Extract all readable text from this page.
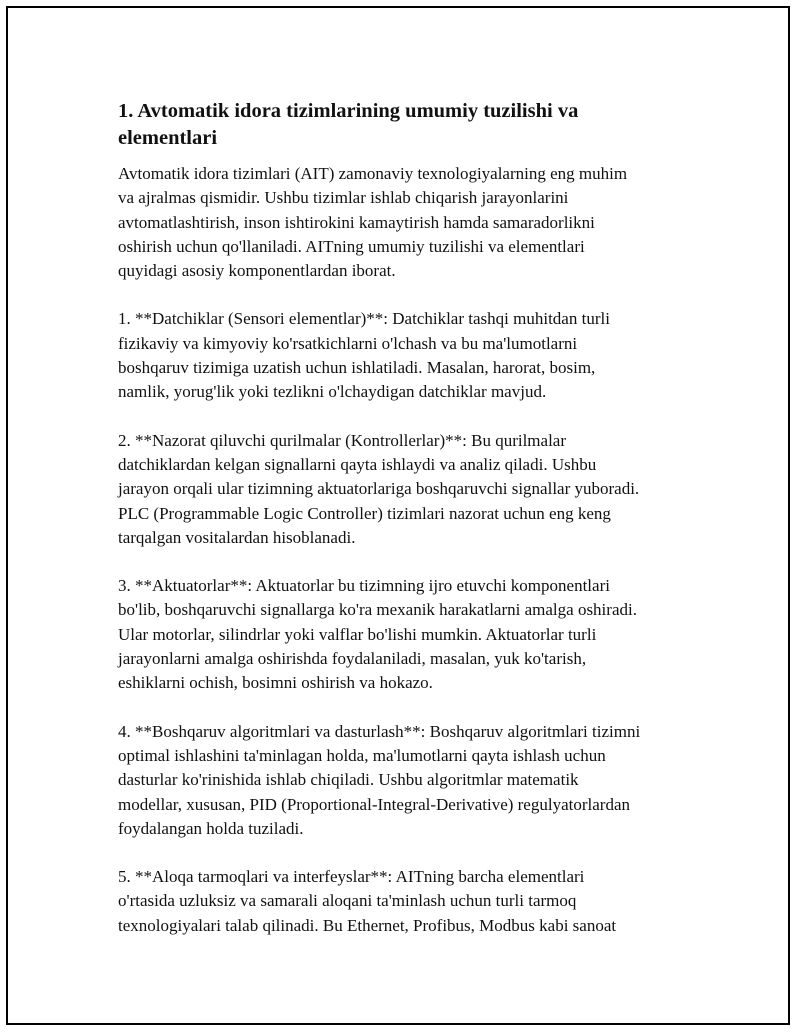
1. Avtomatik idora tizimlarining umumiy tuzilishi va
elementlari

Avtomatik idora tizimlari (AIT) zamonaviy texnologiyalarning eng muhim
va ajralmas qismidir. Ushbu tizimlar ishlab chiqarish jarayonlarini
avtomatlashtirish, inson ishtirokini kamaytirish hamda samaradorlikni
oshirish uchun qo'llaniladi. AITning umumiy tuzilishi va elementlari
quyidagi asosiy komponentlardan iborat.

1. **Datchiklar (Sensori elementlar)**: Datchiklar tashqi muhitdan turli
fizikaviy va kimyoviy ko'rsatkichlarni o'lchash va bu ma'lumotlarni
boshqaruv tizimiga uzatish uchun ishlatiladi. Masalan, harorat, bosim,
namlik, yorug'lik yoki tezlikni o'lchaydigan datchiklar mavjud.

2. **Nazorat qiluvchi qurilmalar (Kontrollerlar)**: Bu qurilmalar
datchiklardan kelgan signallarni qayta ishlaydi va analiz qiladi. Ushbu
jarayon orqali ular tizimning aktuatorlariga boshqaruvchi signallar yuboradi.
PLC (Programmable Logic Controller) tizimlari nazorat uchun eng keng
tarqalgan vositalardan hisoblanadi.

3. **Aktuatorlar**: Aktuatorlar bu tizimning ijro etuvchi komponentlari
bo'lib, boshqaruvchi signallarga ko'ra mexanik harakatlarni amalga oshiradi.
Ular motorlar, silindrlar yoki valflar bo'lishi mumkin. Aktuatorlar turli
jarayonlarni amalga oshirishda foydalaniladi, masalan, yuk ko'tarish,
eshiklarni ochish, bosimni oshirish va hokazo.

4. **Boshqaruv algoritmlari va dasturlash**: Boshqaruv algoritmlari tizimni
optimal ishlashini ta'minlagan holda, ma'lumotlarni qayta ishlash uchun
dasturlar ko'rinishida ishlab chiqiladi. Ushbu algoritmlar matematik
modellar, xususan, PID (Proportional-Integral-Derivative) regulyatorlardan
foydalangan holda tuziladi.

5. **Aloqa tarmoqlari va interfeyslar**: AITning barcha elementlari
o'rtasida uzluksiz va samarali aloqani ta'minlash uchun turli tarmoq
texnologiyalari talab qilinadi. Bu Ethernet, Profibus, Modbus kabi sanoat
